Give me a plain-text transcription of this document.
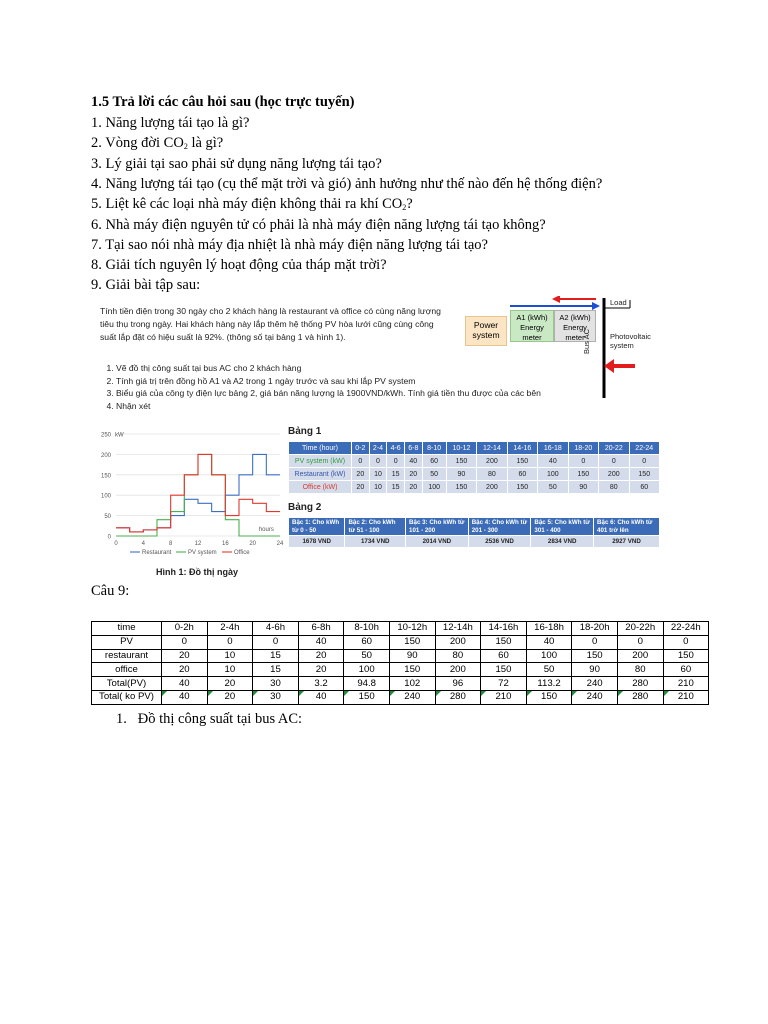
1.5 Trả lời các câu hỏi sau (học trực tuyến)
1. Năng lượng tái tạo là gì?
2. Vòng đời $CO_2$ là gì?
3. Lý giải tại sao phải sử dụng năng lượng tái tạo?
4. Năng lượng tái tạo (cụ thể mặt trời và gió) ảnh hưởng như thế nào đến hệ thống điện?
5. Liệt kê các loại nhà máy điện không thải ra khí $CO_2$?
6. Nhà máy điện nguyên tử có phải là nhà máy điện năng lượng tái tạo không?
7. Tại sao nói nhà máy địa nhiệt là nhà máy điện năng lượng tái tạo?
8. Giải tích nguyên lý hoạt động của tháp mặt trời?
9. Giải bài tập sau:
Tính tiền điện trong 30 ngày cho 2 khách hàng là restaurant và office có cùng năng lượng tiêu thụ trong ngày. Hai khách hàng này lắp thêm hệ thống PV hòa lưới cũng cùng công suất lắp đặt có hiệu suất là 92%. (thông số tại bảng 1 và hình 1).
1. Vẽ đồ thị công suất tại bus AC cho 2 khách hàng
2. Tính giá trị trên đồng hồ A1 và A2 trong 1 ngày trước và sau khi lắp PV system
3. Biểu giá của công ty điện lực bảng 2, giá bán năng lượng là 1900VND/kWh. Tính giá tiền thu được của các bên
4. Nhận xét
Power system
A1 (kWh) Energy meter
A2 (kWh) Energy meter
Load
Photovoltaic system
Bus AC
0
50
100
150
200
250
0	4	8	12	16	20	24
kW
hours
Restaurant	PV system	Office
Hình 1: Đồ thị ngày
Bảng 1
Time (hour)	0-2	2-4	4-6	6-8	8-10	10-12	12-14	14-16	16-18	18-20	20-22	22-24
PV system (kW)	0	0	0	40	60	150	200	150	40	0	0	0
Restaurant (kW)	20	10	15	20	50	90	80	60	100	150	200	150
Office (kW)	20	10	15	20	100	150	200	150	50	90	80	60
Bảng 2
Bậc 1: Cho kWh từ 0 - 50	Bậc 2: Cho kWh từ 51 - 100	Bậc 3: Cho kWh từ 101 - 200	Bậc 4: Cho kWh từ 201 - 300	Bậc 5: Cho kWh từ 301 - 400	Bậc 6: Cho kWh từ 401 trở lên
1678 VND	1734 VND	2014 VND	2536 VND	2834 VND	2927 VND
Câu 9:
time	0-2h	2-4h	4-6h	6-8h	8-10h	10-12h	12-14h	14-16h	16-18h	18-20h	20-22h	22-24h
PV	0	0	0	40	60	150	200	150	40	0	0	0
restaurant	20	10	15	20	50	90	80	60	100	150	200	150
office	20	10	15	20	100	150	200	150	50	90	80	60
Total(PV)	40	20	30	3.2	94.8	102	96	72	113.2	240	280	210
Total( ko PV)	40	20	30	40	150	240	280	210	150	240	280	210
1.   Đồ thị công suất tại bus AC:
